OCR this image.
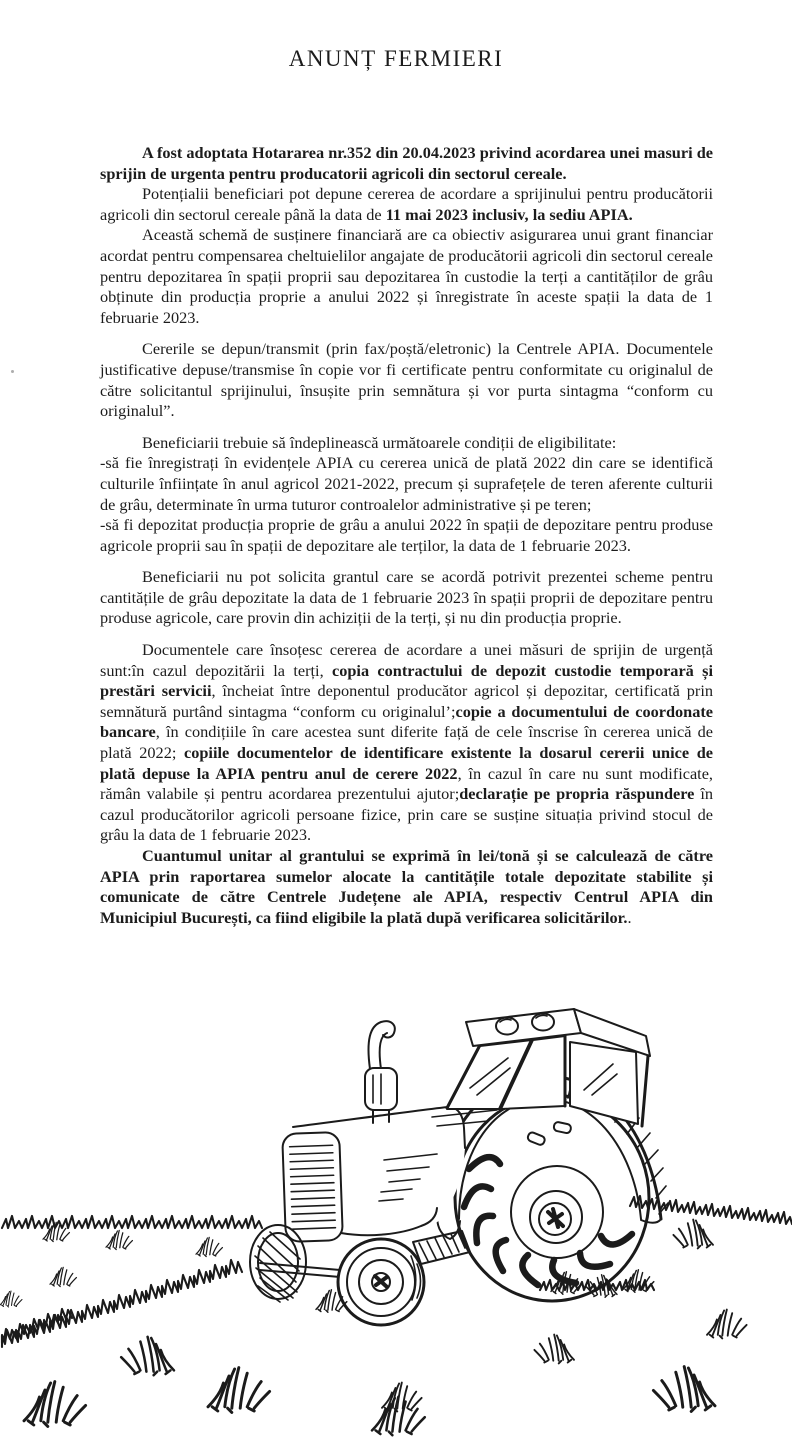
ANUNȚ FERMIERI

A fost adoptata Hotararea nr.352 din 20.04.2023 privind acordarea unei masuri de sprijin de urgenta pentru producatorii agricoli din sectorul cereale.

Potențialii beneficiari pot depune cererea de acordare a sprijinului pentru producătorii agricoli din sectorul cereale până la data de 11 mai 2023 inclusiv, la sediu APIA.

Această schemă de susținere financiară are ca obiectiv asigurarea unui grant financiar acordat pentru compensarea cheltuielilor angajate de producătorii agricoli din sectorul cereale pentru depozitarea în spații proprii sau depozitarea în custodie la terți a cantităților de grâu obținute din producția proprie a anului 2022 și înregistrate în aceste spații la data de 1 februarie 2023.

Cererile se depun/transmit (prin fax/poștă/eletronic) la Centrele APIA. Documentele justificative depuse/transmise în copie vor fi certificate pentru conformitate cu originalul de către solicitantul sprijinului, însușite prin semnătura și vor purta sintagma “conform cu originalul”.

Beneficiarii trebuie să îndeplinească următoarele condiții de eligibilitate:

-să fie înregistrați în evidențele APIA cu cererea unică de plată 2022 din care se identifică culturile înființate în anul agricol 2021-2022, precum și suprafețele de teren aferente culturii de grâu, determinate în urma tuturor controalelor administrative și pe teren;

-să fi depozitat producția proprie de grâu a anului 2022 în spații de depozitare pentru produse agricole proprii sau în spații de depozitare ale terților, la data de 1 februarie 2023.

Beneficiarii nu pot solicita grantul care se acordă potrivit prezentei scheme pentru cantitățile de grâu depozitate la data de 1 februarie 2023 în spații proprii de depozitare pentru produse agricole, care provin din achiziții de la terți, și nu din producția proprie.

Documentele care însoțesc cererea de acordare a unei măsuri de sprijin de urgență sunt:în cazul depozitării la terți, copia contractului de depozit custodie temporară și prestări servicii, încheiat între deponentul producător agricol și depozitar, certificată prin semnătură purtând sintagma “conform cu originalul’;copie a documentului de coordonate bancare, în condițiile în care acestea sunt diferite față de cele înscrise în cererea unică de plată 2022; copiile documentelor de identificare existente la dosarul cererii unice de plată depuse la APIA pentru anul de cerere 2022, în cazul în care nu sunt modificate, rămân valabile și pentru acordarea prezentului ajutor;declarație pe propria răspundere în cazul producătorilor agricoli persoane fizice, prin care se susține situația privind stocul de grâu la data de 1 februarie 2023.

Cuantumul unitar al grantului se exprimă în lei/tonă și se calculează de către APIA prin raportarea sumelor alocate la cantitățile totale depozitate stabilite și comunicate de către Centrele Județene ale APIA, respectiv Centrul APIA din Municipiul București, ca fiind eligibile la plată după verificarea solicitărilor..
